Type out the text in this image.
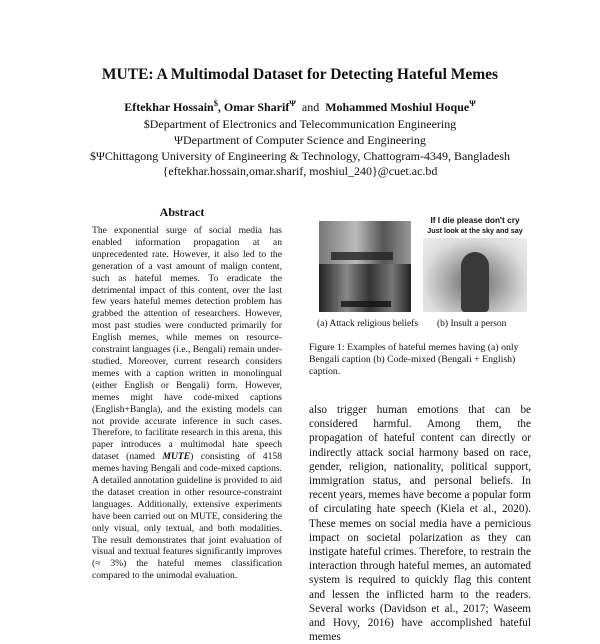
MUTE: A Multimodal Dataset for Detecting Hateful Memes
Eftekhar Hossain$, Omar Sharif$^\Psi$ and Mohammed Moshiul Hoque$^\Psi$
$Department of Electronics and Telecommunication Engineering
ΨDepartment of Computer Science and Engineering
$ΨChittagong University of Engineering & Technology, Chattogram-4349, Bangladesh
{eftekhar.hossain,omar.sharif, moshiul_240}@cuet.ac.bd
Abstract

The exponential surge of social media has enabled information propagation at an unprecedented rate. However, it also led to the generation of a vast amount of malign content, such as hateful memes. To eradicate the detrimental impact of this content, over the last few years hateful memes detection problem has grabbed the attention of researchers. However, most past studies were conducted primarily for English memes, while memes on resource-constraint languages (i.e., Bengali) remain under-studied. Moreover, current research considers memes with a caption written in monolingual (either English or Bengali) form. However, memes might have code-mixed captions (English+Bangla), and the existing models can not provide accurate inference in such cases. Therefore, to facilitate research in this arena, this paper introduces a multimodal hate speech dataset (named MUTE) consisting of 4158 memes having Bengali and code-mixed captions. A detailed annotation guideline is provided to aid the dataset creation in other resource-constraint languages. Additionally, extensive experiments have been carried out on MUTE, considering the only visual, only textual, and both modalities. The result demonstrates that joint evaluation of visual and textual features significantly improves (≈ 3%) the hateful memes classification compared to the unimodal evaluation.

If I die please don't cry
Just look at the sky and say
(a) Attack religious beliefs (b) Insult a person

Figure 1: Examples of hateful memes having (a) only Bengali caption (b) Code-mixed (Bengali + English) caption.

also trigger human emotions that can be considered harmful. Among them, the propagation of hateful content can directly or indirectly attack social harmony based on race, gender, religion, nationality, political support, immigration status, and personal beliefs. In recent years, memes have become a popular form of circulating hate speech (Kiela et al., 2020). These memes on social media have a pernicious impact on societal polarization as they can instigate hateful crimes. Therefore, to restrain the interaction through hateful memes, an automated system is required to quickly flag this content and lessen the inflicted harm to the readers. Several works (Davidson et al., 2017; Waseem and Hovy, 2016) have accomplished hateful memes
